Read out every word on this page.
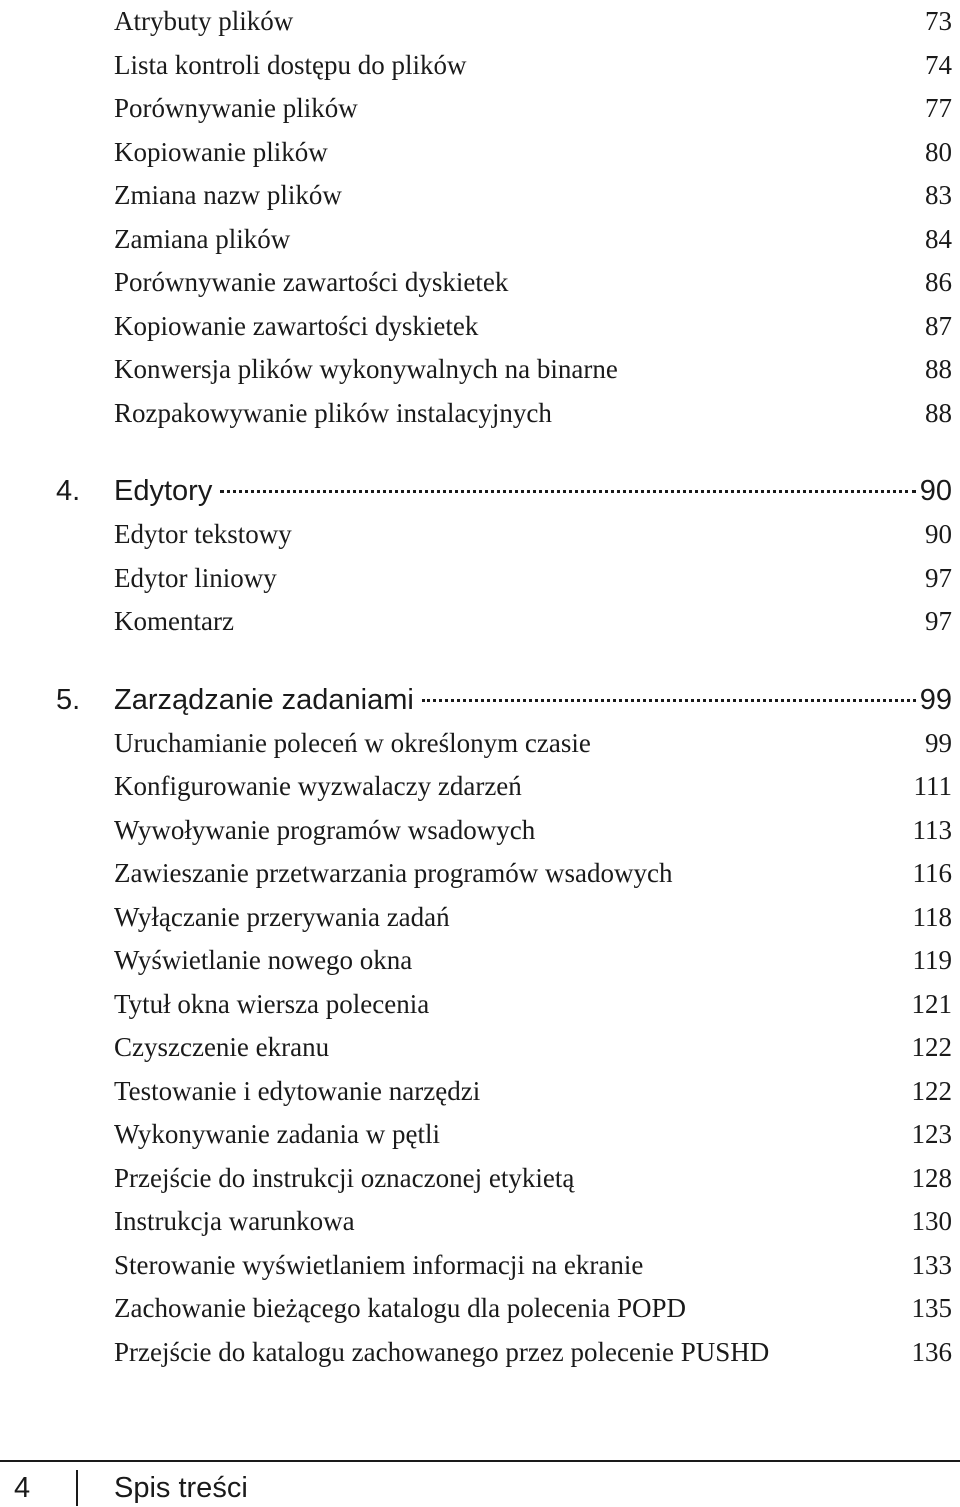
Atrybuty plików	73
Lista kontroli dostępu do plików	74
Porównywanie plików	77
Kopiowanie plików	80
Zmiana nazw plików	83
Zamiana plików	84
Porównywanie zawartości dyskietek	86
Kopiowanie zawartości dyskietek	87
Konwersja plików wykonywalnych na binarne	88
Rozpakowywanie plików instalacyjnych	88
4.	Edytory	90
Edytor tekstowy	90
Edytor liniowy	97
Komentarz	97
5.	Zarządzanie zadaniami	99
Uruchamianie poleceń w określonym czasie	99
Konfigurowanie wyzwalaczy zdarzeń	111
Wywoływanie programów wsadowych	113
Zawieszanie przetwarzania programów wsadowych	116
Wyłączanie przerywania zadań	118
Wyświetlanie nowego okna	119
Tytuł okna wiersza polecenia	121
Czyszczenie ekranu	122
Testowanie i edytowanie narzędzi	122
Wykonywanie zadania w pętli	123
Przejście do instrukcji oznaczonej etykietą	128
Instrukcja warunkowa	130
Sterowanie wyświetlaniem informacji na ekranie	133
Zachowanie bieżącego katalogu dla polecenia POPD	135
Przejście do katalogu zachowanego przez polecenie PUSHD	136
4	Spis treści
